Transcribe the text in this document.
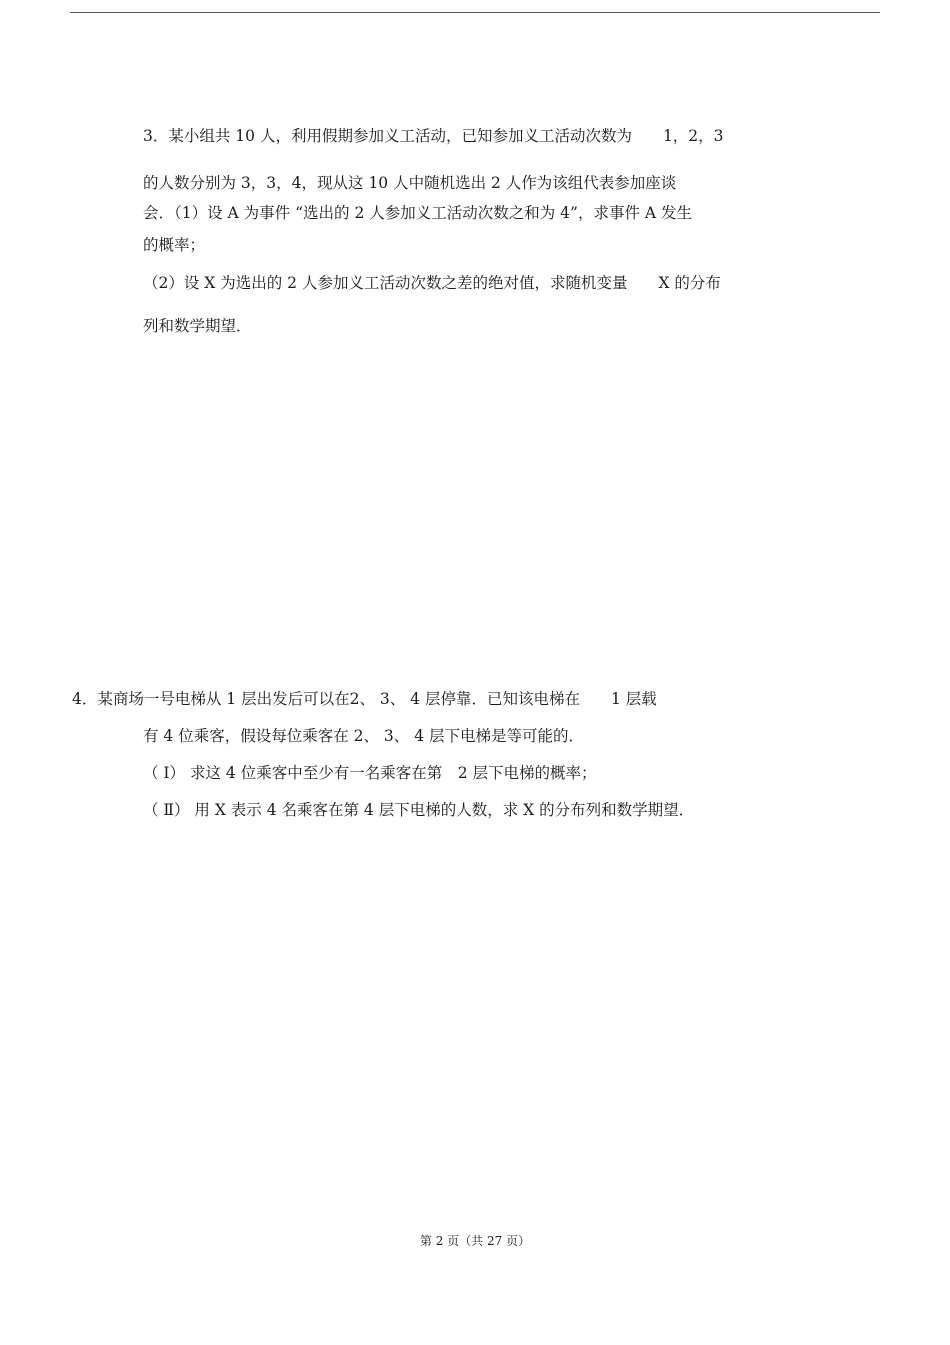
3．某小组共 10 人，利用假期参加义工活动，已知参加义工活动次数为　　1，2，3
的人数分别为 3，3，4，现从这 10 人中随机选出 2 人作为该组代表参加座谈
会．（1）设 A 为事件 “选出的 2 人参加义工活动次数之和为 4”，求事件 A 发生
的概率；
（2）设 X 为选出的 2 人参加义工活动次数之差的绝对值，求随机变量　　X 的分布
列和数学期望．
4．某商场一号电梯从 1 层出发后可以在2、 3、 4 层停靠．已知该电梯在　　1 层载
有 4 位乘客，假设每位乘客在 2、 3、 4 层下电梯是等可能的．
（ Ⅰ） 求这 4 位乘客中至少有一名乘客在第　2 层下电梯的概率；
（ Ⅱ） 用 X 表示 4 名乘客在第 4 层下电梯的人数，求 X 的分布列和数学期望．
第 2 页（共 27 页）
